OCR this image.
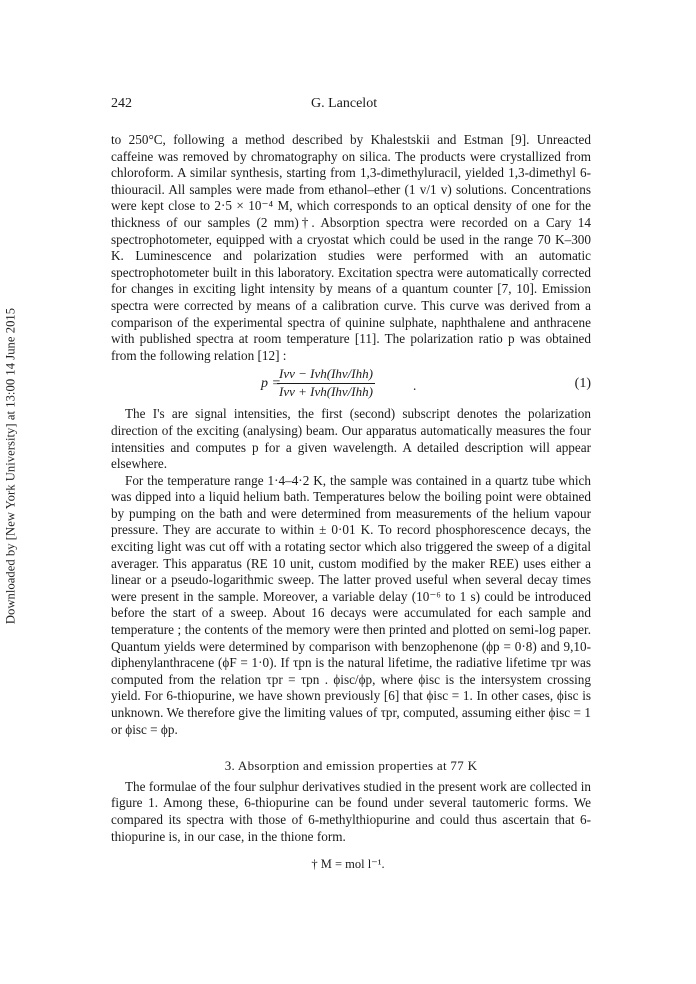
Downloaded by [New York University] at 13:00 14 June 2015
242	G. Lancelot

to 250°C, following a method described by Khalestskii and Estman [9]. Unreacted caffeine was removed by chromatography on silica. The products were crystallized from chloroform. A similar synthesis, starting from 1,3-dimethyluracil, yielded 1,3-dimethyl 6-thiouracil. All samples were made from ethanol–ether (1 v/1 v) solutions. Concentrations were kept close to 2·5 × 10⁻⁴ M, which corresponds to an optical density of one for the thickness of our samples (2 mm)†. Absorption spectra were recorded on a Cary 14 spectrophotometer, equipped with a cryostat which could be used in the range 70 K–300 K. Luminescence and polarization studies were performed with an automatic spectrophotometer built in this laboratory. Excitation spectra were automatically corrected for changes in exciting light intensity by means of a quantum counter [7, 10]. Emission spectra were corrected by means of a calibration curve. This curve was derived from a comparison of the experimental spectra of quinine sulphate, naphthalene and anthracene with published spectra at room temperature [11]. The polarization ratio p was obtained from the following relation [12] :

p =
Ivv − Ivh(Ihv/Ihh)
Ivv + Ivh(Ihv/Ihh)	.	(1)

The I's are signal intensities, the first (second) subscript denotes the polarization direction of the exciting (analysing) beam. Our apparatus automatically measures the four intensities and computes p for a given wavelength. A detailed description will appear elsewhere.

For the temperature range 1·4–4·2 K, the sample was contained in a quartz tube which was dipped into a liquid helium bath. Temperatures below the boiling point were obtained by pumping on the bath and were determined from measurements of the helium vapour pressure. They are accurate to within ± 0·01 K. To record phosphorescence decays, the exciting light was cut off with a rotating sector which also triggered the sweep of a digital averager. This apparatus (RE 10 unit, custom modified by the maker REE) uses either a linear or a pseudo-logarithmic sweep. The latter proved useful when several decay times were present in the sample. Moreover, a variable delay (10⁻⁶ to 1 s) could be introduced before the start of a sweep. About 16 decays were accumulated for each sample and temperature ; the contents of the memory were then printed and plotted on semi-log paper. Quantum yields were determined by comparison with benzophenone (ϕp = 0·8) and 9,10-diphenylanthracene (ϕF = 1·0). If τpn is the natural lifetime, the radiative lifetime τpr was computed from the relation τpr = τpn . ϕisc/ϕp, where ϕisc is the intersystem crossing yield. For 6-thiopurine, we have shown previously [6] that ϕisc = 1. In other cases, ϕisc is unknown. We therefore give the limiting values of τpr, computed, assuming either ϕisc = 1 or ϕisc = ϕp.

3. Absorption and emission properties at 77 K

The formulae of the four sulphur derivatives studied in the present work are collected in figure 1. Among these, 6-thiopurine can be found under several tautomeric forms. We compared its spectra with those of 6-methylthiopurine and could thus ascertain that 6-thiopurine is, in our case, in the thione form.

† M = mol l⁻¹.
